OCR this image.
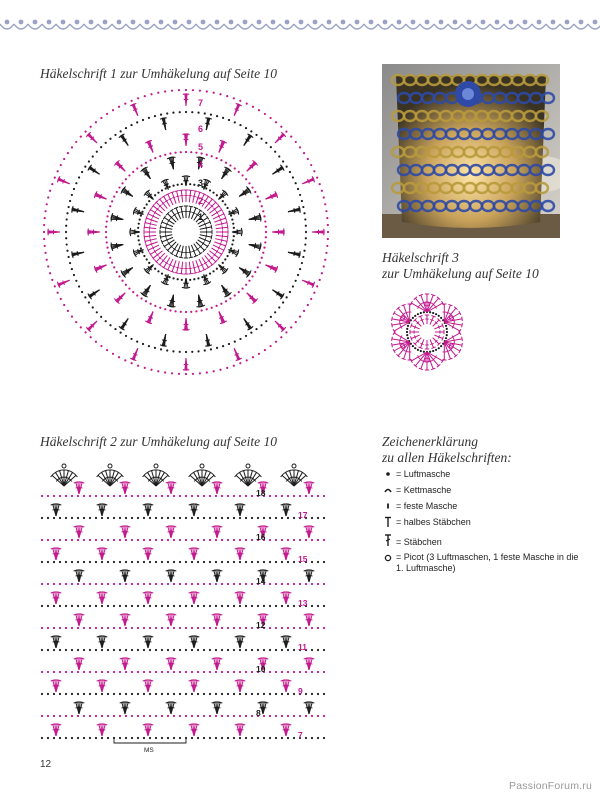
Häkelschrift 1 zur Umhäkelung auf Seite 10
1
2
3
4
5
6
7
Häkelschrift 3
zur Umhäkelung auf Seite 10
Häkelschrift 2 zur Umhäkelung auf Seite 10
7
8
9
10
11
12
13
14
15
16
17
18
MS
Zeichenerklärung
zu allen Häkelschriften:
= Luftmasche
= Kettmasche
= feste Masche
= halbes Stäbchen
= Stäbchen
= Picot (3 Luftmaschen, 1 feste Masche in die 1. Luftmasche)
12
PassionForum.ru
